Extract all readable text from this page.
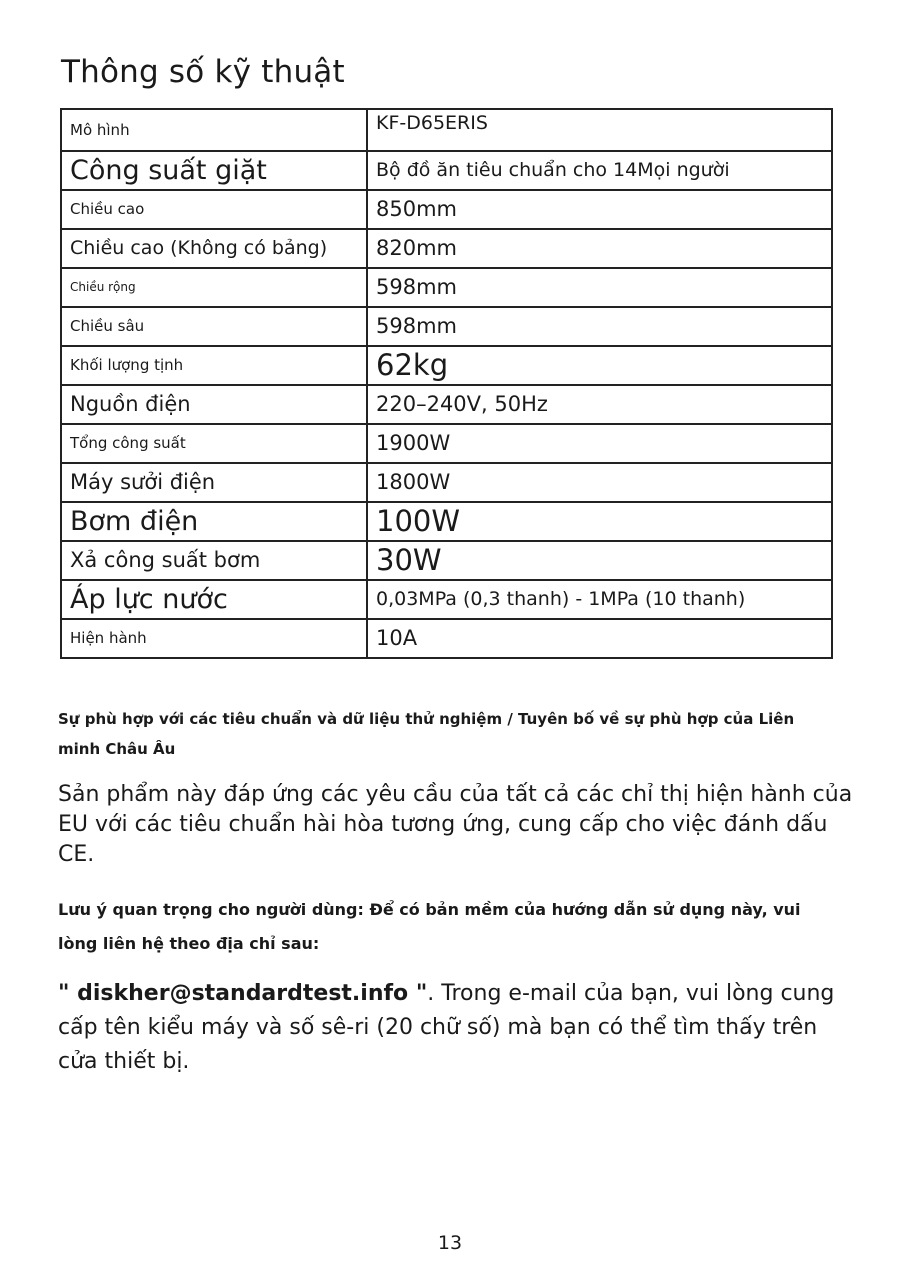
Thông số kỹ thuật
Mô hình	KF-D65ERIS
Công suất giặt	Bộ đồ ăn tiêu chuẩn cho 14Mọi người
Chiều cao	850mm
Chiều cao (Không có bảng)	820mm
Chiều rộng	598mm
Chiều sâu	598mm
Khối lượng tịnh	62kg
Nguồn điện	220–240V, 50Hz
Tổng công suất	1900W
Máy sưởi điện	1800W
Bơm điện	100W
Xả công suất bơm	30W
Áp lực nước	0,03MPa (0,3 thanh) - 1MPa (10 thanh)
Hiện hành	10A

Sự phù hợp với các tiêu chuẩn và dữ liệu thử nghiệm / Tuyên bố về sự phù hợp của Liên minh Châu Âu

Sản phẩm này đáp ứng các yêu cầu của tất cả các chỉ thị hiện hành của EU với các tiêu chuẩn hài hòa tương ứng, cung cấp cho việc đánh dấu CE.

Lưu ý quan trọng cho người dùng: Để có bản mềm của hướng dẫn sử dụng này, vui lòng liên hệ theo địa chỉ sau:

" diskher@standardtest.info ". Trong e-mail của bạn, vui lòng cung cấp tên kiểu máy và số sê-ri (20 chữ số) mà bạn có thể tìm thấy trên cửa thiết bị.

13
